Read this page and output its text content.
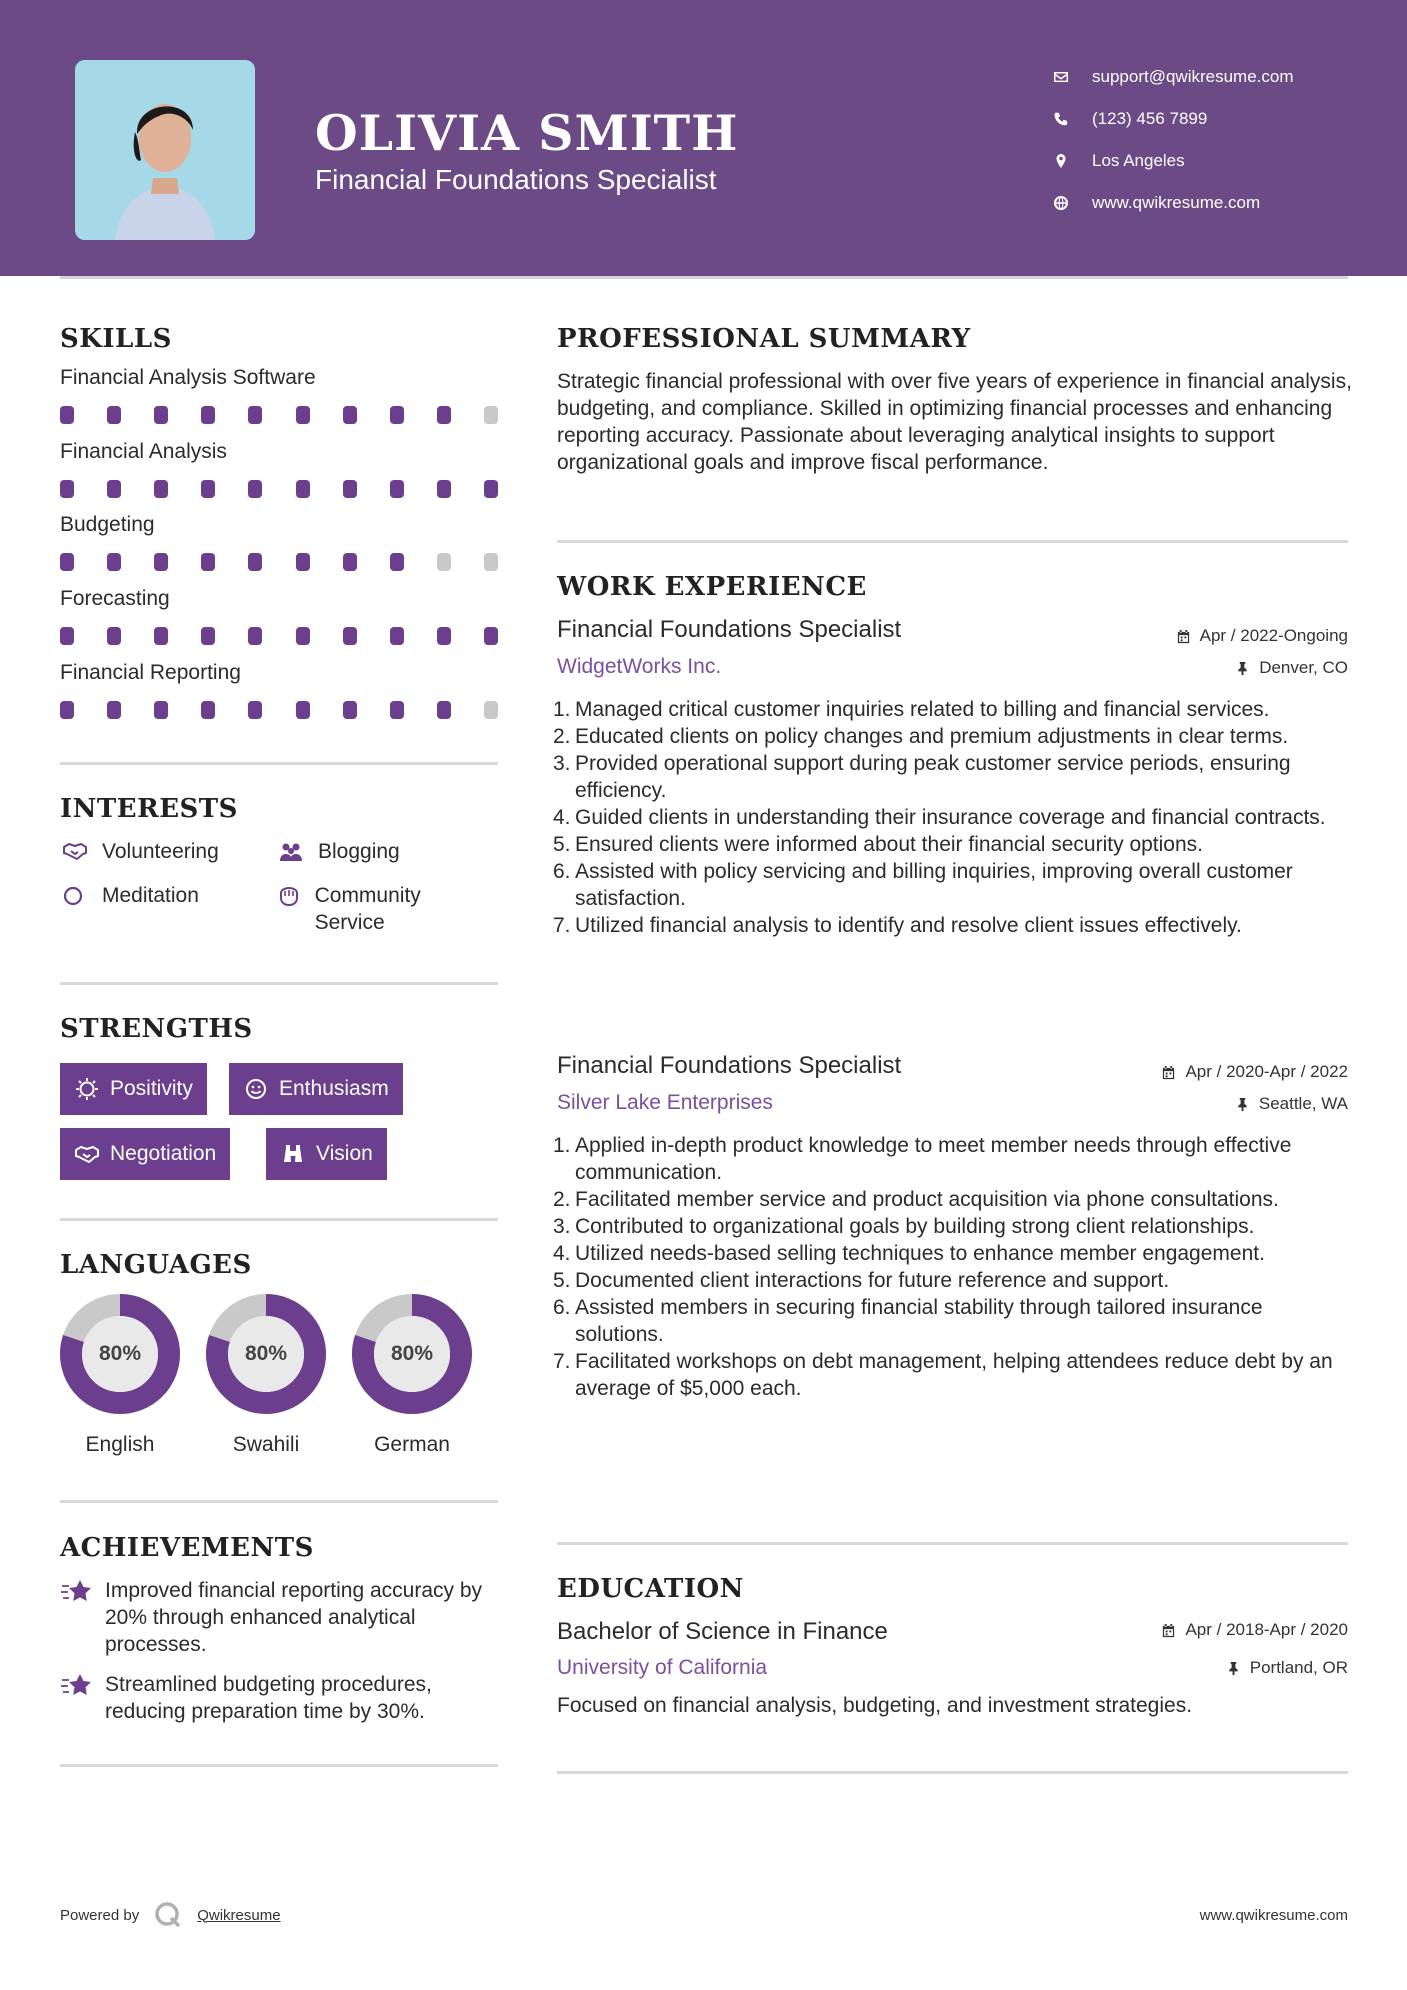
OLIVIA SMITH
Financial Foundations Specialist
support@qwikresume.com
(123) 456 7899
Los Angeles
www.qwikresume.com
SKILLS
Financial Analysis Software
Financial Analysis
Budgeting
Forecasting
Financial Reporting
INTERESTS
Volunteering	Blogging
Meditation	Community Service
STRENGTHS
Positivity	Enthusiasm
Negotiation	Vision
LANGUAGES
80%
English
80%
Swahili
80%
German
ACHIEVEMENTS
Improved financial reporting accuracy by 20% through enhanced analytical processes.
Streamlined budgeting procedures, reducing preparation time by 30%.
PROFESSIONAL SUMMARY
Strategic financial professional with over five years of experience in financial analysis, budgeting, and compliance. Skilled in optimizing financial processes and enhancing reporting accuracy. Passionate about leveraging analytical insights to support organizational goals and improve fiscal performance.
WORK EXPERIENCE
Financial Foundations Specialist	Apr / 2022-Ongoing
WidgetWorks Inc.	Denver, CO
1. Managed critical customer inquiries related to billing and financial services.
2. Educated clients on policy changes and premium adjustments in clear terms.
3. Provided operational support during peak customer service periods, ensuring efficiency.
4. Guided clients in understanding their insurance coverage and financial contracts.
5. Ensured clients were informed about their financial security options.
6. Assisted with policy servicing and billing inquiries, improving overall customer satisfaction.
7. Utilized financial analysis to identify and resolve client issues effectively.
Financial Foundations Specialist	Apr / 2020-Apr / 2022
Silver Lake Enterprises	Seattle, WA
1. Applied in-depth product knowledge to meet member needs through effective communication.
2. Facilitated member service and product acquisition via phone consultations.
3. Contributed to organizational goals by building strong client relationships.
4. Utilized needs-based selling techniques to enhance member engagement.
5. Documented client interactions for future reference and support.
6. Assisted members in securing financial stability through tailored insurance solutions.
7. Facilitated workshops on debt management, helping attendees reduce debt by an average of $5,000 each.
EDUCATION
Bachelor of Science in Finance	Apr / 2018-Apr / 2020
University of California	Portland, OR
Focused on financial analysis, budgeting, and investment strategies.
Powered by	Qwikresume	www.qwikresume.com
